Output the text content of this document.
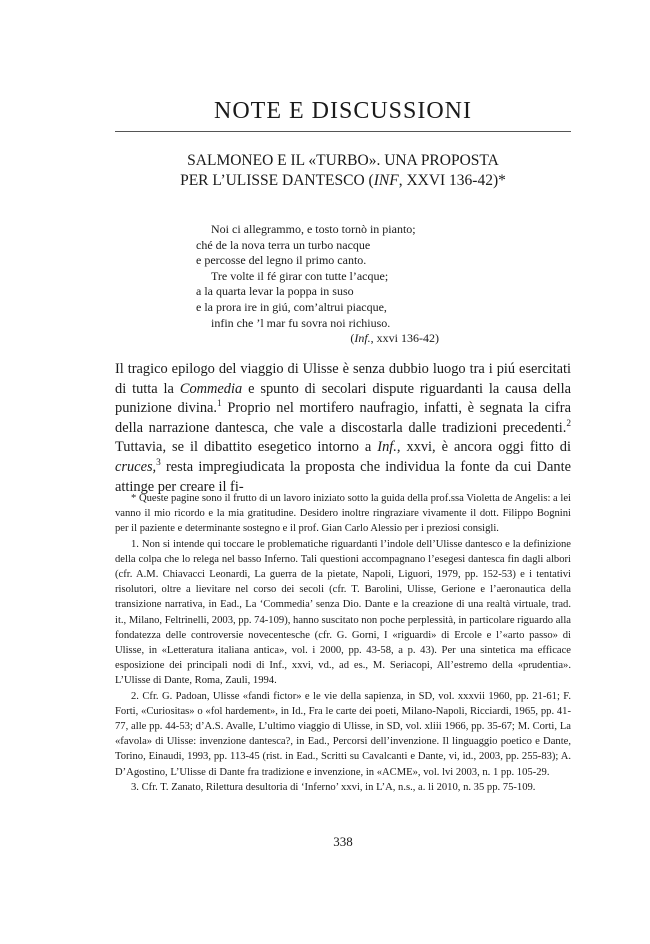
NOTE E DISCUSSIONI
SALMONEO E IL «TURBO». UNA PROPOSTA
PER L’ULISSE DANTESCO (INF, XXVI 136-42)*
Noi ci allegrammo, e tosto tornò in pianto;
ché de la nova terra un turbo nacque
e percosse del legno il primo canto.
Tre volte il fé girar con tutte l’acque;
a la quarta levar la poppa in suso
e la prora ire in giú, com’altrui piacque,
infin che ’l mar fu sovra noi richiuso.
(Inf., xxvi 136-42)

Il tragico epilogo del viaggio di Ulisse è senza dubbio luogo tra i piú esercitati di tutta la Commedia e spunto di secolari dispute riguardanti la causa della punizione divina.$^1$ Proprio nel mortifero naufragio, infatti, è segnata la cifra della narrazione dantesca, che vale a discostarla dalle tradizioni precedenti.$^2$ Tuttavia, se il dibattito esegetico intorno a Inf., xxvi, è ancora oggi fitto di cruces,$^3$ resta impregiudicata la proposta che individua la fonte da cui Dante attinge per creare il fi-

* Queste pagine sono il frutto di un lavoro iniziato sotto la guida della prof.ssa Violetta de Angelis: a lei vanno il mio ricordo e la mia gratitudine. Desidero inoltre ringraziare vivamente il dott. Filippo Bognini per il paziente e determinante sostegno e il prof. Gian Carlo Alessio per i preziosi consigli.

1. Non si intende qui toccare le problematiche riguardanti l’indole dell’Ulisse dantesco e la definizione della colpa che lo relega nel basso Inferno. Tali questioni accompagnano l’esegesi dantesca fin dagli albori (cfr. A.M. Chiavacci Leonardi, La guerra de la pietate, Napoli, Liguori, 1979, pp. 152-53) e i tentativi risolutori, oltre a lievitare nel corso dei secoli (cfr. T. Barolini, Ulisse, Gerione e l’aeronautica della transizione narrativa, in Ead., La ‘Commedia’ senza Dio. Dante e la creazione di una realtà virtuale, trad. it., Milano, Feltrinelli, 2003, pp. 74-109), hanno suscitato non poche perplessità, in particolare riguardo alla fondatezza delle controversie novecentesche (cfr. G. Gorni, I «riguardi» di Ercole e l’«arto passo» di Ulisse, in «Letteratura italiana antica», vol. i 2000, pp. 43-58, a p. 43). Per una sintetica ma efficace esposizione dei principali nodi di Inf., xxvi, vd., ad es., M. Seriacopi, All’estremo della «prudentia». L’Ulisse di Dante, Roma, Zauli, 1994.

2. Cfr. G. Padoan, Ulisse «fandi fictor» e le vie della sapienza, in SD, vol. xxxvii 1960, pp. 21-61; F. Forti, «Curiositas» o «fol hardement», in Id., Fra le carte dei poeti, Milano-Napoli, Ricciardi, 1965, pp. 41-77, alle pp. 44-53; d’A.S. Avalle, L’ultimo viaggio di Ulisse, in SD, vol. xliii 1966, pp. 35-67; M. Corti, La «favola» di Ulisse: invenzione dantesca?, in Ead., Percorsi dell’invenzione. Il linguaggio poetico e Dante, Torino, Einaudi, 1993, pp. 113-45 (rist. in Ead., Scritti su Cavalcanti e Dante, vi, id., 2003, pp. 255-83); A. D’Agostino, L’Ulisse di Dante fra tradizione e invenzione, in «ACME», vol. lvi 2003, n. 1 pp. 105-29.

3. Cfr. T. Zanato, Rilettura desultoria di ‘Inferno’ xxvi, in L’A, n.s., a. li 2010, n. 35 pp. 75-109.

338
